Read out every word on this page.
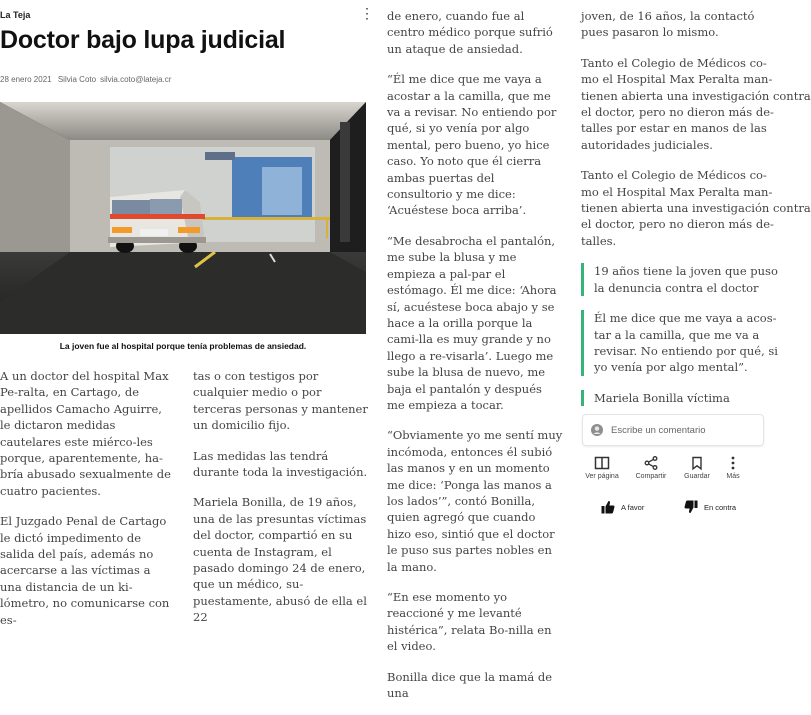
La Teja	⋮
Doctor bajo lupa judicial
28 enero 2021 Silvia Coto silvia.coto@lateja.cr
La joven fue al hospital porque tenía problemas de ansiedad.

A un doctor del hospital Max Pe-ralta, en Cartago, de apellidos Camacho Aguirre, le dictaron medidas cautelares este miérco-les porque, aparentemente, ha-bría abusado sexualmente de cuatro pacientes.

El Juzgado Penal de Cartago le dictó impedimento de salida del país, además no acercarse a las víctimas a una distancia de un ki-lómetro, no comunicarse con es-

tas o con testigos por cualquier medio o por terceras personas y mantener un domicilio fijo.

Las medidas las tendrá durante toda la investigación.

Mariela Bonilla, de 19 años, una de las presuntas víctimas del doctor, compartió en su cuenta de Instagram, el pasado domingo 24 de enero, que un médico, su-puestamente, abusó de ella el 22

de enero, cuando fue al centro médico porque sufrió un ataque de ansiedad.

“Él me dice que me vaya a acostar a la camilla, que me va a revisar. No entiendo por qué, si yo venía por algo mental, pero bueno, yo hice caso. Yo noto que él cierra ambas puertas del consultorio y me dice: ‘Acuéstese boca arriba’.

“Me desabrocha el pantalón, me sube la blusa y me empieza a pal-par el estómago. Él me dice: ‘Ahora sí, acuéstese boca abajo y se hace a la orilla porque la cami-lla es muy grande y no llego a re-visarla’. Luego me sube la blusa de nuevo, me baja el pantalón y después me empieza a tocar.

“Obviamente yo me sentí muy incómoda, entonces él subió las manos y en un momento me dice: ‘Ponga las manos a los lados’”, contó Bonilla, quien agregó que cuando hizo eso, sintió que el doctor le puso sus partes nobles en la mano.

“En ese momento yo reaccioné y me levanté histérica”, relata Bo-nilla en el video.

Bonilla dice que la mamá de una

joven, de 16 años, la contactó
pues pasaron lo mismo.

Tanto el Colegio de Médicos co-
mo el Hospital Max Peralta man-
tienen abierta una investigación contra
el doctor, pero no dieron más de-
talles por estar en manos de las
autoridades judiciales.

Tanto el Colegio de Médicos co-
mo el Hospital Max Peralta man-
tienen abierta una investigación contra
el doctor, pero no dieron más de-
talles.

19 años tiene la joven que puso
la denuncia contra el doctor
Él me dice que me vaya a acos-
tar a la camilla, que me va a
revisar. No entiendo por qué, si
yo venía por algo mental”.
Mariela Bonilla víctima
Escribe un comentario
Ver página	Compartir	Guardar	Más
A favor	En contra
